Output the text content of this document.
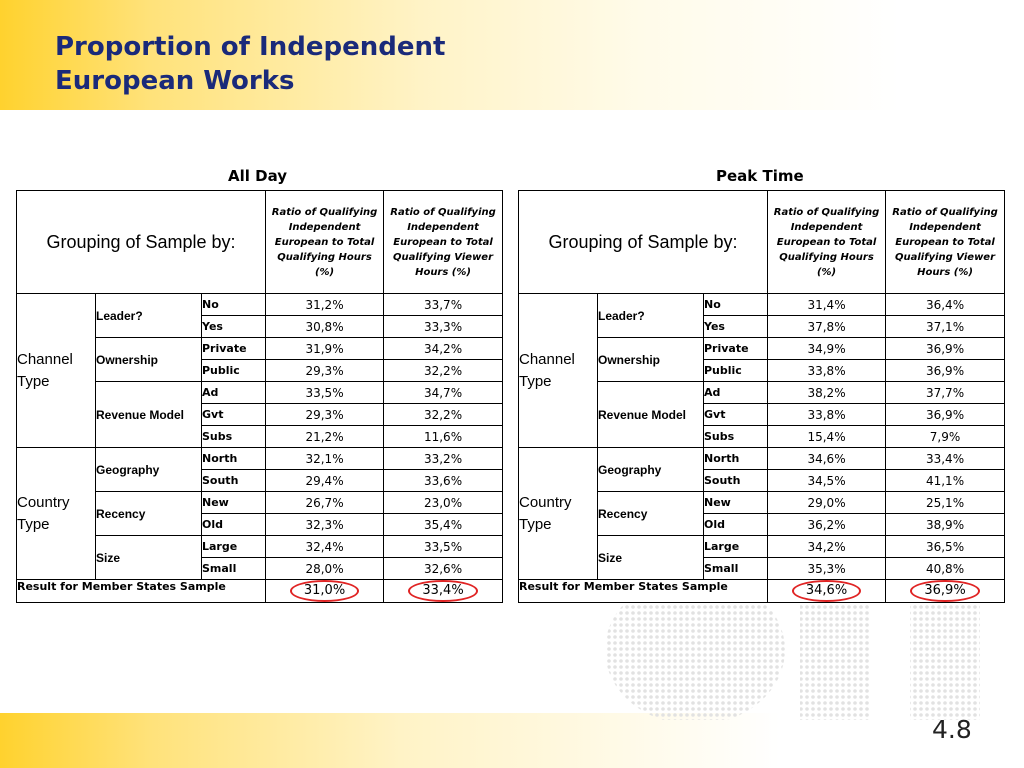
Proportion of Independent
European Works
All Day	Peak Time
Grouping of Sample by:			Ratio of Qualifying Independent European to Total Qualifying Hours (%)	Ratio of Qualifying Independent European to Total Qualifying Viewer Hours (%)
Channel Type	Leader?	No	31,2%	33,7%
		Yes	30,8%	33,3%
	Ownership	Private	31,9%	34,2%
		Public	29,3%	32,2%
	Revenue Model	Ad	33,5%	34,7%
		Gvt	29,3%	32,2%
		Subs	21,2%	11,6%
Country Type	Geography	North	32,1%	33,2%
		South	29,4%	33,6%
	Recency	New	26,7%	23,0%
		Old	32,3%	35,4%
	Size	Large	32,4%	33,5%
		Small	28,0%	32,6%
Result for Member States Sample			31,0%	33,4%
Grouping of Sample by:			Ratio of Qualifying Independent European to Total Qualifying Hours (%)	Ratio of Qualifying Independent European to Total Qualifying Viewer Hours (%)
Channel Type	Leader?	No	31,4%	36,4%
		Yes	37,8%	37,1%
	Ownership	Private	34,9%	36,9%
		Public	33,8%	36,9%
	Revenue Model	Ad	38,2%	37,7%
		Gvt	33,8%	36,9%
		Subs	15,4%	7,9%
Country Type	Geography	North	34,6%	33,4%
		South	34,5%	41,1%
	Recency	New	29,0%	25,1%
		Old	36,2%	38,9%
	Size	Large	34,2%	36,5%
		Small	35,3%	40,8%
Result for Member States Sample			34,6%	36,9%
4.8
